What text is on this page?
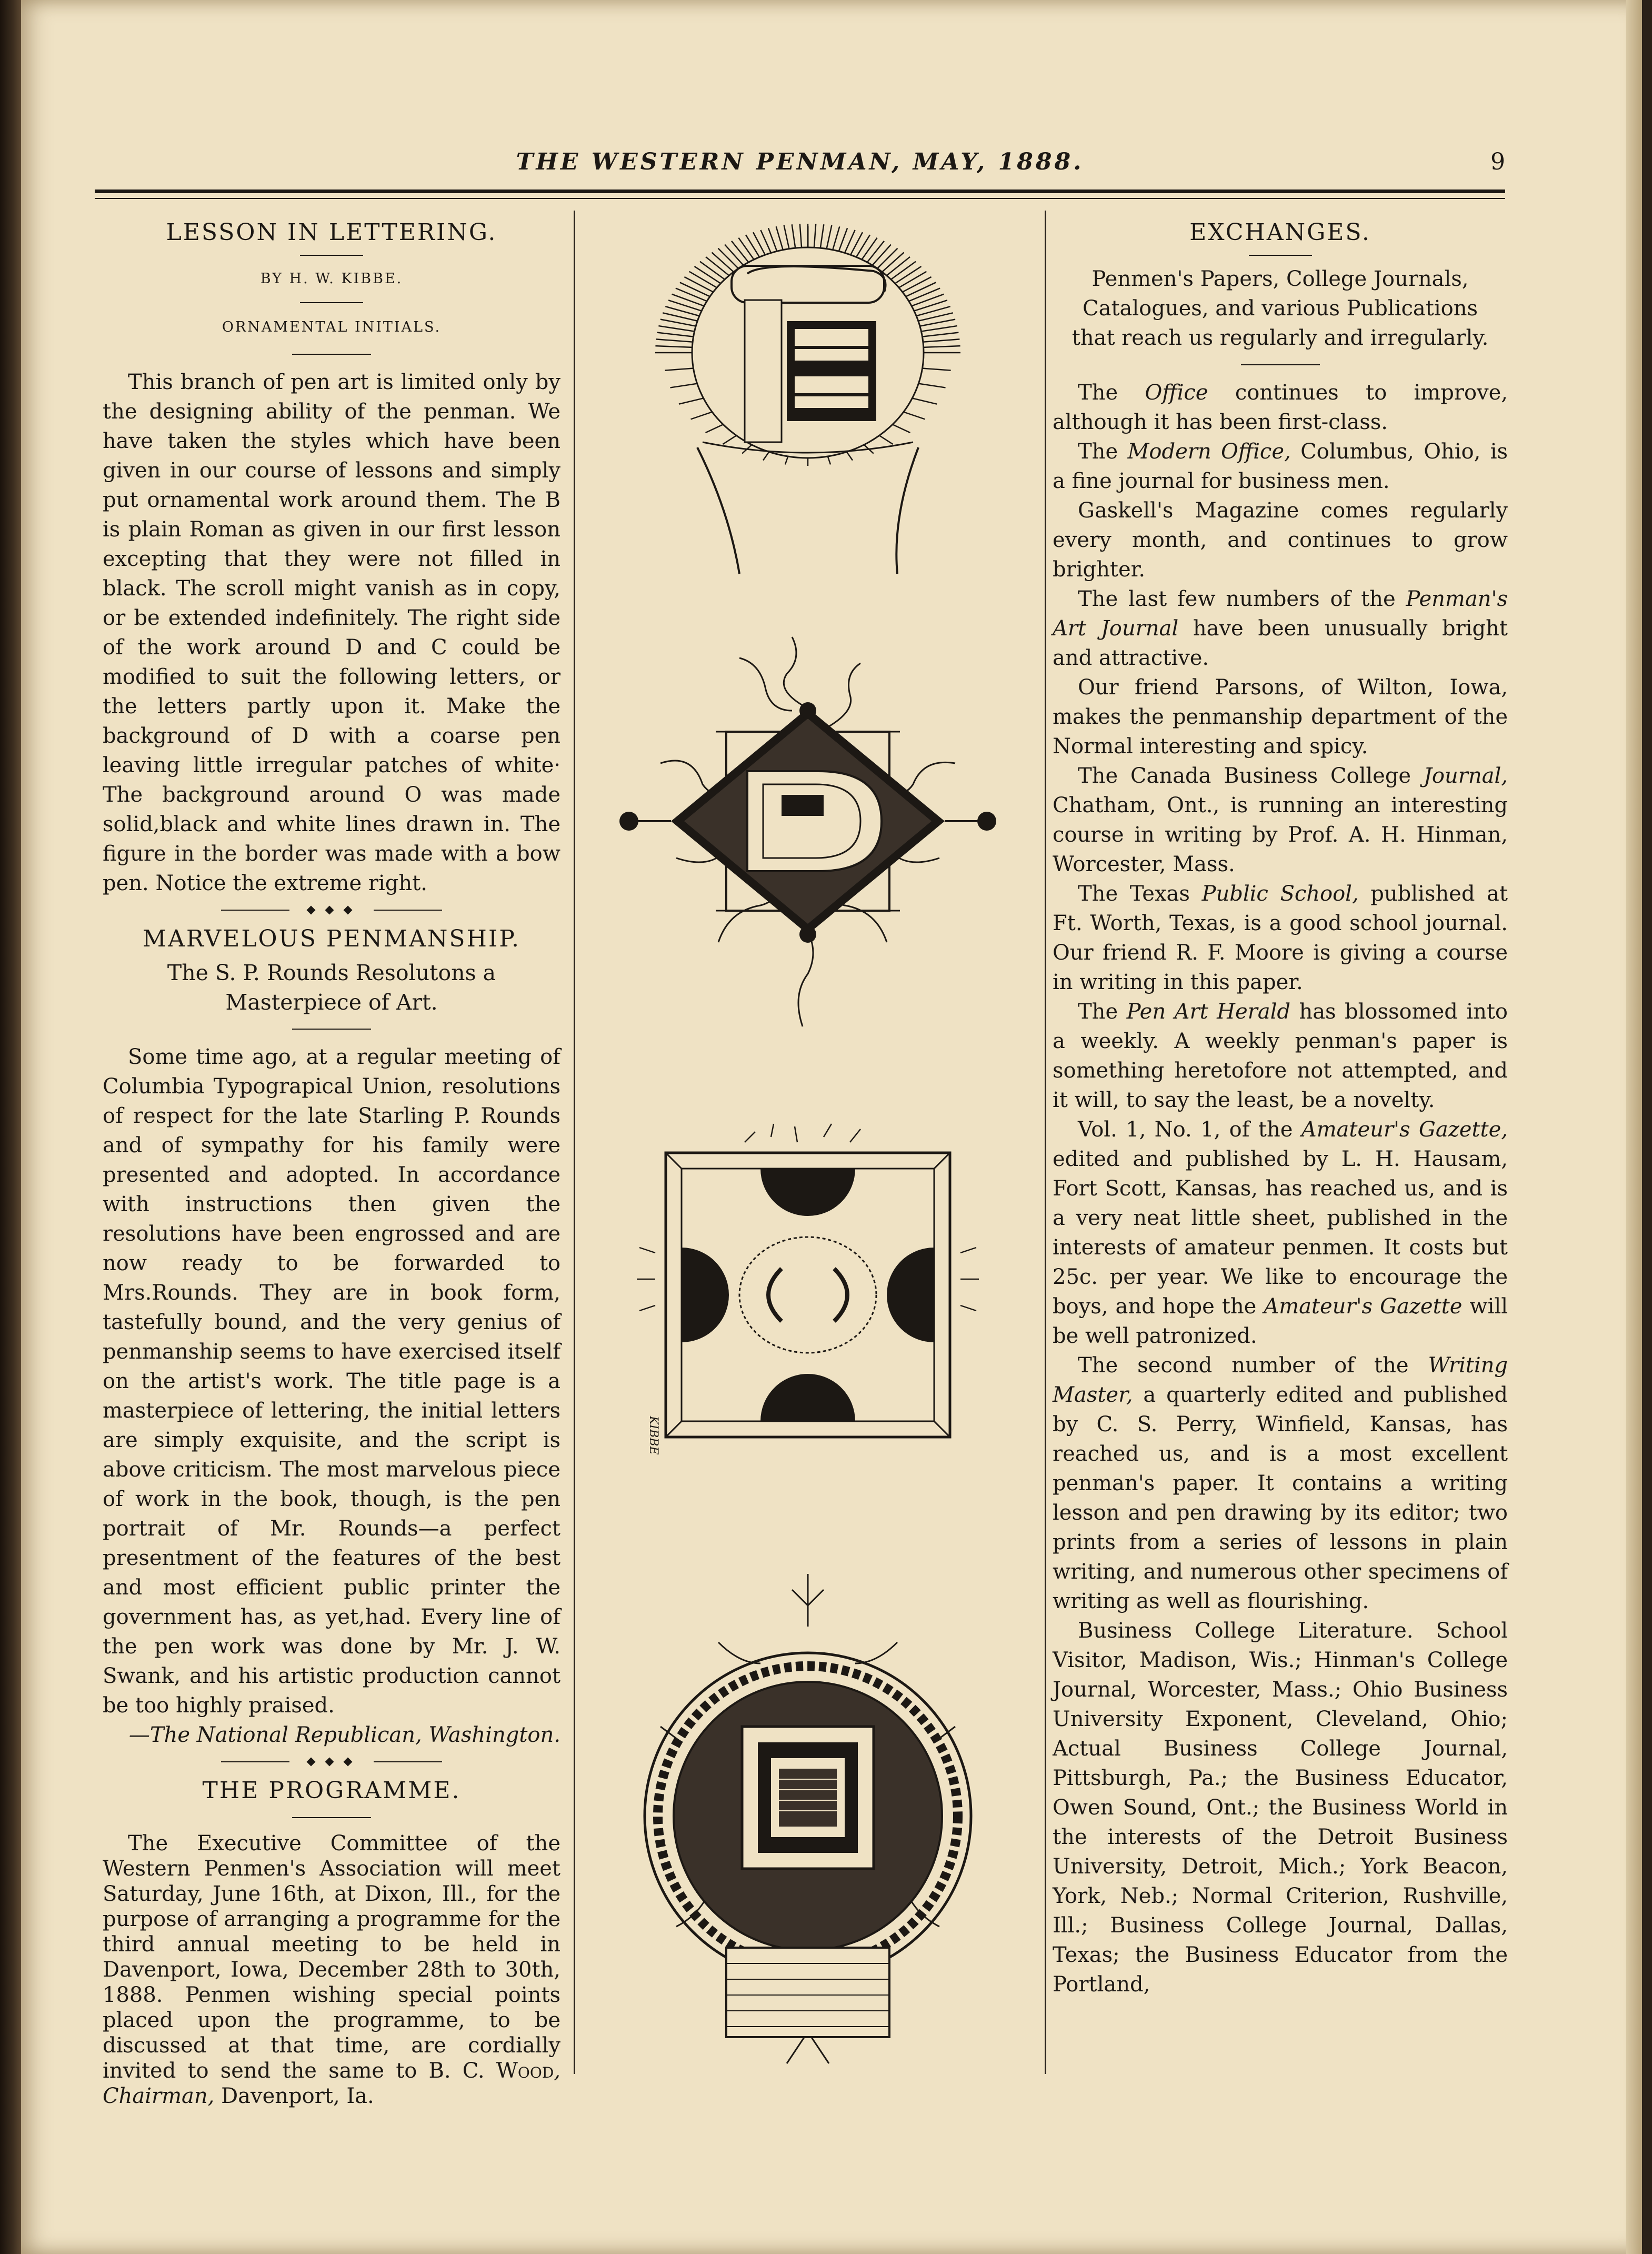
THE WESTERN PENMAN, MAY, 1888.	9
LESSON IN LETTERING.
BY H. W. KIBBE.
ORNAMENTAL INITIALS.

This branch of pen art is limited only by the designing ability of the penman. We have taken the styles which have been given in our course of lessons and simply put ornamental work around them. The B is plain Roman as given in our first lesson excepting that they were not filled in black. The scroll might vanish as in copy, or be extended indefinitely. The right side of the work around D and C could be modified to suit the following letters, or the letters partly upon it. Make the background of D with a coarse pen leaving little irregular patches of white· The background around O was made solid,black and white lines drawn in. The figure in the border was made with a bow pen. Notice the extreme right.

MARVELOUS PENMANSHIP.

The S. P. Rounds Resolutons a Masterpiece of Art.

Some time ago, at a regular meeting of Columbia Typograpical Union, resolutions of respect for the late Starling P. Rounds and of sympathy for his family were presented and adopted. In accordance with instructions then given the resolutions have been engrossed and are now ready to be forwarded to Mrs.Rounds. They are in book form, tastefully bound, and the very genius of penmanship seems to have exercised itself on the artist's work. The title page is a masterpiece of lettering, the initial letters are simply exquisite, and the script is above criticism. The most marvelous piece of work in the book, though, is the pen portrait of Mr. Rounds—a perfect presentment of the features of the best and most efficient public printer the government has, as yet,had. Every line of the pen work was done by Mr. J. W. Swank, and his artistic production cannot be too highly praised.

—The National Republican, Washington.

THE PROGRAMME.

The Executive Committee of the Western Penmen's Association will meet Saturday, June 16th, at Dixon, Ill., for the purpose of arranging a programme for the third annual meeting to be held in Davenport, Iowa, December 28th to 30th, 1888. Penmen wishing special points placed upon the programme, to be discussed at that time, are cordially invited to send the same to B. C. Wood, Chairman, Davenport, Ia.

KIBBE
EXCHANGES.

Penmen's Papers, College Journals, Catalogues, and various Publications that reach us regularly and irregularly.

The Office continues to improve, although it has been first-class.

The Modern Office, Columbus, Ohio, is a fine journal for business men.

Gaskell's Magazine comes regularly every month, and continues to grow brighter.

The last few numbers of the Penman's Art Journal have been unusually bright and attractive.

Our friend Parsons, of Wilton, Iowa, makes the penmanship department of the Normal interesting and spicy.

The Canada Business College Journal, Chatham, Ont., is running an interesting course in writing by Prof. A. H. Hinman, Worcester, Mass.

The Texas Public School, published at Ft. Worth, Texas, is a good school journal. Our friend R. F. Moore is giving a course in writing in this paper.

The Pen Art Herald has blossomed into a weekly. A weekly penman's paper is something heretofore not attempted, and it will, to say the least, be a novelty.

Vol. 1, No. 1, of the Amateur's Gazette, edited and published by L. H. Hausam, Fort Scott, Kansas, has reached us, and is a very neat little sheet, published in the interests of amateur penmen. It costs but 25c. per year. We like to encourage the boys, and hope the Amateur's Gazette will be well patronized.

The second number of the Writing Master, a quarterly edited and published by C. S. Perry, Winfield, Kansas, has reached us, and is a most excellent penman's paper. It contains a writing lesson and pen drawing by its editor; two prints from a series of lessons in plain writing, and numerous other specimens of writing as well as flourishing.

Business College Literature. School Visitor, Madison, Wis.; Hinman's College Journal, Worcester, Mass.; Ohio Business University Exponent, Cleveland, Ohio; Actual Business College Journal, Pittsburgh, Pa.; the Business Educator, Owen Sound, Ont.; the Business World in the interests of the Detroit Business University, Detroit, Mich.; York Beacon, York, Neb.; Normal Criterion, Rushville, Ill.; Business College Journal, Dallas, Texas; the Business Educator from the Portland,
